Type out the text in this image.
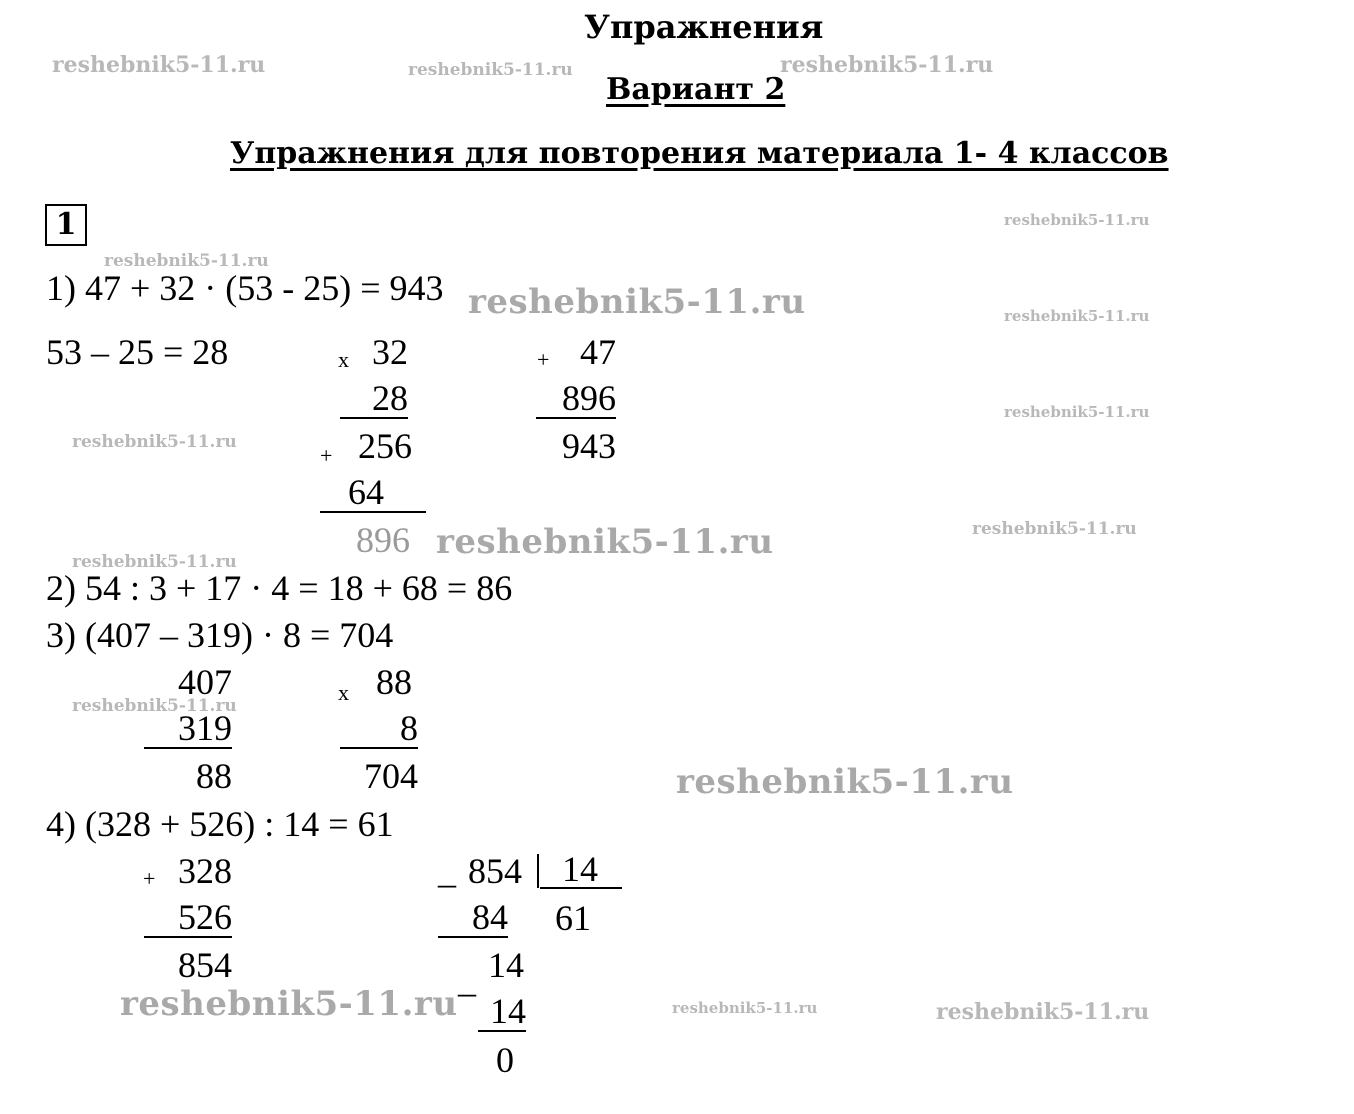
Упражнения
Вариант 2
Упражнения для повторения материала 1- 4 классов
1
1) 47 + 32 · (53 - 25) = 943
53 – 25 = 28	x 32
28
+ 256
64
896
+ 47
896
943
2) 54 : 3 + 17 · 4 = 18 + 68 = 86
3) (407 – 319) · 8 = 704
407
319
88
x 88
8
704
4) (328 + 526) : 14 = 61
+ 328
526
854
_ 854	14
84 61
_ 14
14
0
reshebnik5-11.ru	reshebnik5-11.ru	reshebnik5-11.ru
reshebnik5-11.ru
reshebnik5-11.ru
reshebnik5-11.ru	reshebnik5-11.ru
reshebnik5-11.ru
reshebnik5-11.ru
reshebnik5-11.ru	reshebnik5-11.ru
reshebnik5-11.ru
reshebnik5-11.ru
reshebnik5-11.ru
reshebnik5-11.ru	reshebnik5-11.ru	reshebnik5-11.ru
